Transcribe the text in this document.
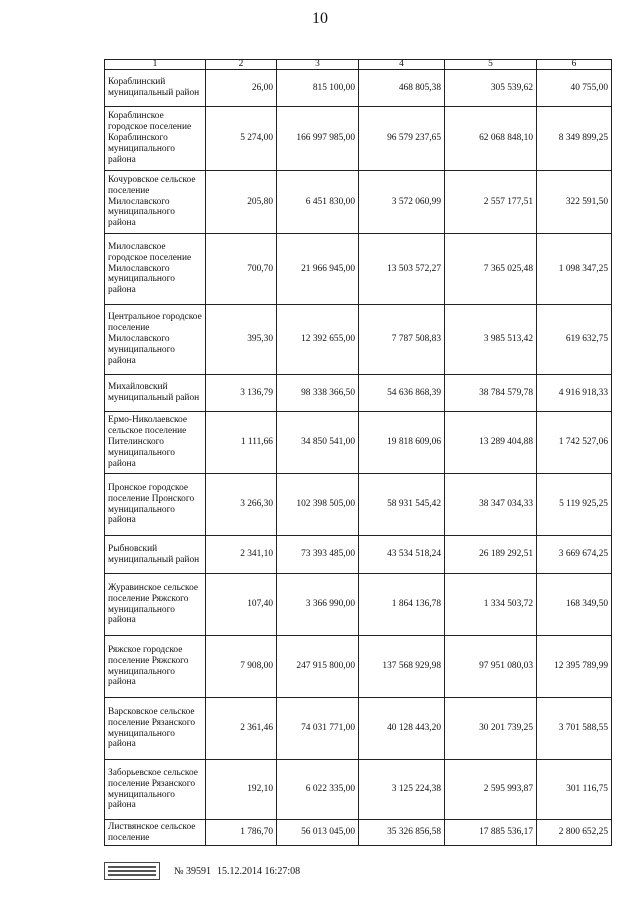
10
1	2	3	4	5	6
Кораблинский муниципальный район	26,00	815 100,00	468 805,38	305 539,62	40 755,00
Кораблинское городское поселение Кораблинского муниципального района	5 274,00	166 997 985,00	96 579 237,65	62 068 848,10	8 349 899,25
Кочуровское сельское поселение Милославского муниципального района	205,80	6 451 830,00	3 572 060,99	2 557 177,51	322 591,50
Милославское городское поселение Милославского муниципального района	700,70	21 966 945,00	13 503 572,27	7 365 025,48	1 098 347,25
Центральное городское поселение Милославского муниципального района	395,30	12 392 655,00	7 787 508,83	3 985 513,42	619 632,75
Михайловский муниципальный район	3 136,79	98 338 366,50	54 636 868,39	38 784 579,78	4 916 918,33
Ермо-Николаевское сельское поселение Пителинского муниципального района	1 111,66	34 850 541,00	19 818 609,06	13 289 404,88	1 742 527,06
Пронское городское поселение Пронского муниципального района	3 266,30	102 398 505,00	58 931 545,42	38 347 034,33	5 119 925,25
Рыбновский муниципальный район	2 341,10	73 393 485,00	43 534 518,24	26 189 292,51	3 669 674,25
Журавинское сельское поселение Ряжского муниципального района	107,40	3 366 990,00	1 864 136,78	1 334 503,72	168 349,50
Ряжское городское поселение Ряжского муниципального района	7 908,00	247 915 800,00	137 568 929,98	97 951 080,03	12 395 789,99
Варсковское сельское поселение Рязанского муниципального района	2 361,46	74 031 771,00	40 128 443,20	30 201 739,25	3 701 588,55
Заборьевское сельское поселение Рязанского муниципального района	192,10	6 022 335,00	3 125 224,38	2 595 993,87	301 116,75
Листвянское сельское поселение	1 786,70	56 013 045,00	35 326 856,58	17 885 536,17	2 800 652,25
№ 39591 15.12.2014 16:27:08
